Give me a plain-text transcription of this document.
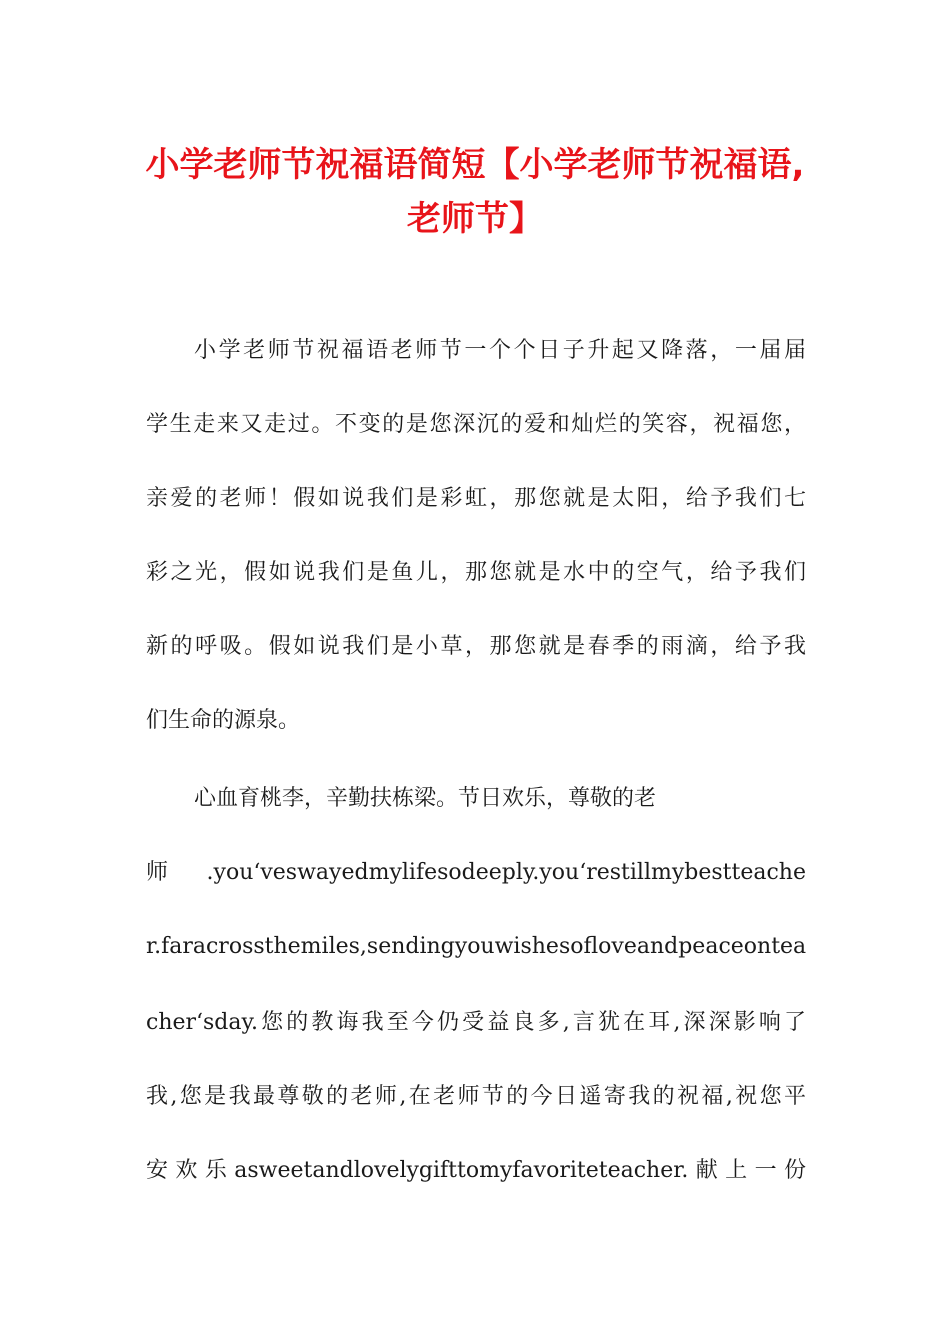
小学老师节祝福语简短【小学老师节祝福语,
老师节】
小学老师节祝福语老师节一个个日子升起又降落，一届届
学生走来又走过。不变的是您深沉的爱和灿烂的笑容，祝福您，
亲爱的老师！假如说我们是彩虹，那您就是太阳，给予我们七
彩之光，假如说我们是鱼儿，那您就是水中的空气，给予我们
新的呼吸。假如说我们是小草，那您就是春季的雨滴，给予我
们生命的源泉。
心血育桃李，辛勤扶栋梁。节日欢乐，尊敬的老
师.you‘veswayedmylifesodeeply.you‘restillmybestteache
r.faracrossthemiles,sendingyouwishesofloveandpeaceontea
cher‘sday.您的教诲我至今仍受益良多,言犹在耳,深深影响了
我,您是我最尊敬的老师,在老师节的今日遥寄我的祝福,祝您平
安欢乐asweetandlovelygifttomyfavoriteteacher.献上一份
